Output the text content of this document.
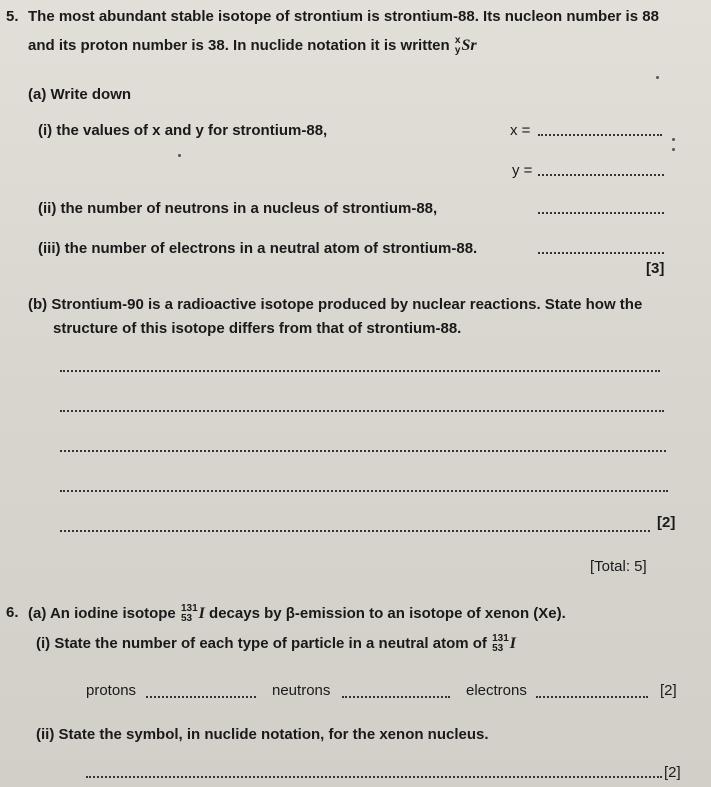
5. The most abundant stable isotope of strontium is strontium-88. Its nucleon number is 88
and its proton number is 38. In nuclide notation it is written x
y Sr
(a) Write down
(i) the values of x and y for strontium-88,	x =
y =
(ii) the number of neutrons in a nucleus of strontium-88,
(iii) the number of electrons in a neutral atom of strontium-88.
[3]
(b) Strontium-90 is a radioactive isotope produced by nuclear reactions. State how the
structure of this isotope differs from that of strontium-88.
[2]
[Total: 5]
6. (a) An iodine isotope 131
53 I decays by β-emission to an isotope of xenon (Xe).
(i) State the number of each type of particle in a neutral atom of 131
53 I
protons	neutrons	electrons	[2]
(ii) State the symbol, in nuclide notation, for the xenon nucleus.
[2]
